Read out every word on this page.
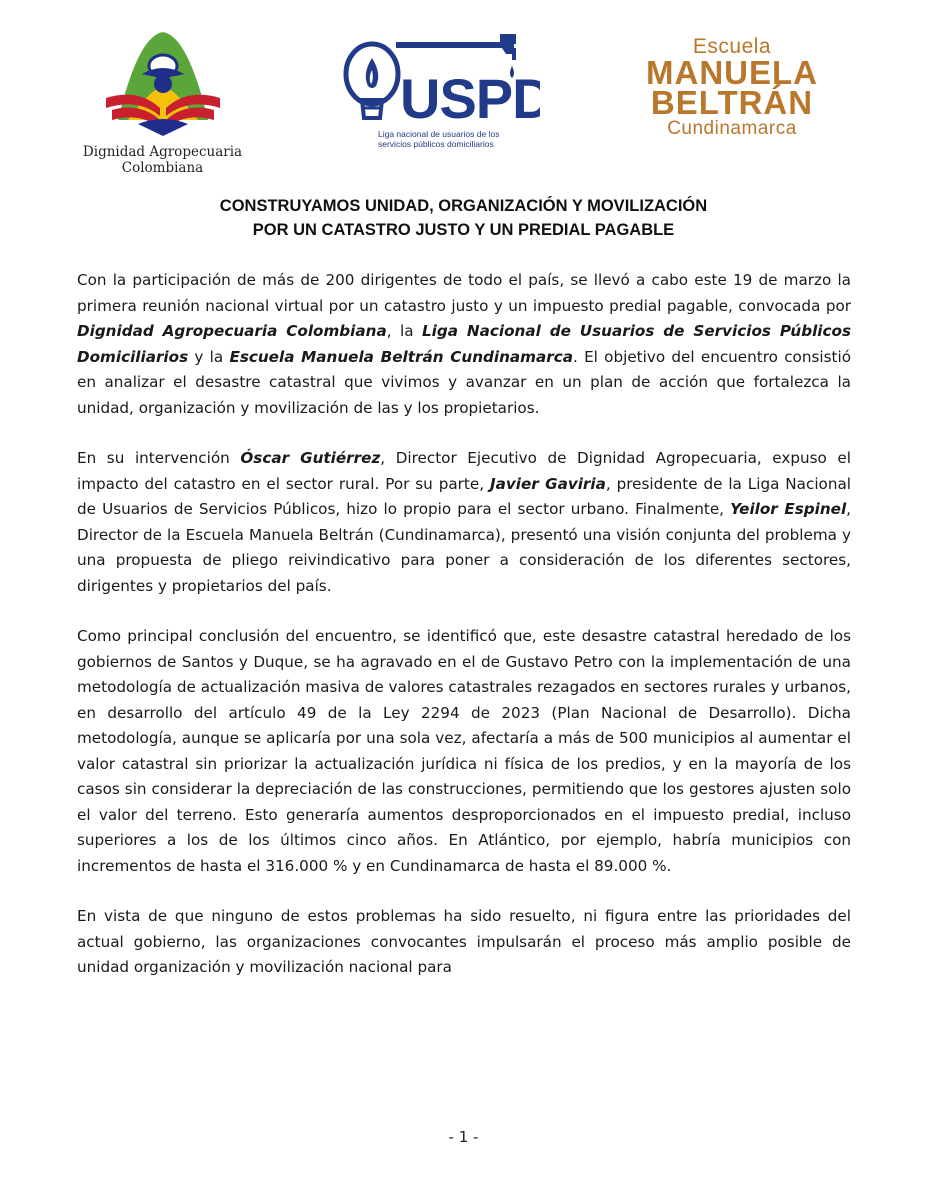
Dignidad Agropecuaria
Colombiana
USPD
Liga nacional de usuarios de los
servicios públicos domiciliarios
Escuela
MANUELA
BELTRÁN
Cundinamarca
CONSTRUYAMOS UNIDAD, ORGANIZACIÓN Y MOVILIZACIÓN
POR UN CATASTRO JUSTO Y UN PREDIAL PAGABLE

Con la participación de más de 200 dirigentes de todo el país, se llevó a cabo este 19 de marzo la primera reunión nacional virtual por un catastro justo y un impuesto predial pagable, convocada por Dignidad Agropecuaria Colombiana, la Liga Nacional de Usuarios de Servicios Públicos Domiciliarios y la Escuela Manuela Beltrán Cundinamarca. El objetivo del encuentro consistió en analizar el desastre catastral que vivimos y avanzar en un plan de acción que fortalezca la unidad, organización y movilización de las y los propietarios.

En su intervención Óscar Gutiérrez, Director Ejecutivo de Dignidad Agropecuaria, expuso el impacto del catastro en el sector rural. Por su parte, Javier Gaviria, presidente de la Liga Nacional de Usuarios de Servicios Públicos, hizo lo propio para el sector urbano. Finalmente, Yeilor Espinel, Director de la Escuela Manuela Beltrán (Cundinamarca), presentó una visión conjunta del problema y una propuesta de pliego reivindicativo para poner a consideración de los diferentes sectores, dirigentes y propietarios del país.

Como principal conclusión del encuentro, se identificó que, este desastre catastral heredado de los gobiernos de Santos y Duque, se ha agravado en el de Gustavo Petro con la implementación de una metodología de actualización masiva de valores catastrales rezagados en sectores rurales y urbanos, en desarrollo del artículo 49 de la Ley 2294 de 2023 (Plan Nacional de Desarrollo). Dicha metodología, aunque se aplicaría por una sola vez, afectaría a más de 500 municipios al aumentar el valor catastral sin priorizar la actualización jurídica ni física de los predios, y en la mayoría de los casos sin considerar la depreciación de las construcciones, permitiendo que los gestores ajusten solo el valor del terreno. Esto generaría aumentos desproporcionados en el impuesto predial, incluso superiores a los de los últimos cinco años. En Atlántico, por ejemplo, habría municipios con incrementos de hasta el 316.000 % y en Cundinamarca de hasta el 89.000 %.

En vista de que ninguno de estos problemas ha sido resuelto, ni figura entre las prioridades del actual gobierno, las organizaciones convocantes impulsarán el proceso más amplio posible de unidad organización y movilización nacional para

- 1 -
